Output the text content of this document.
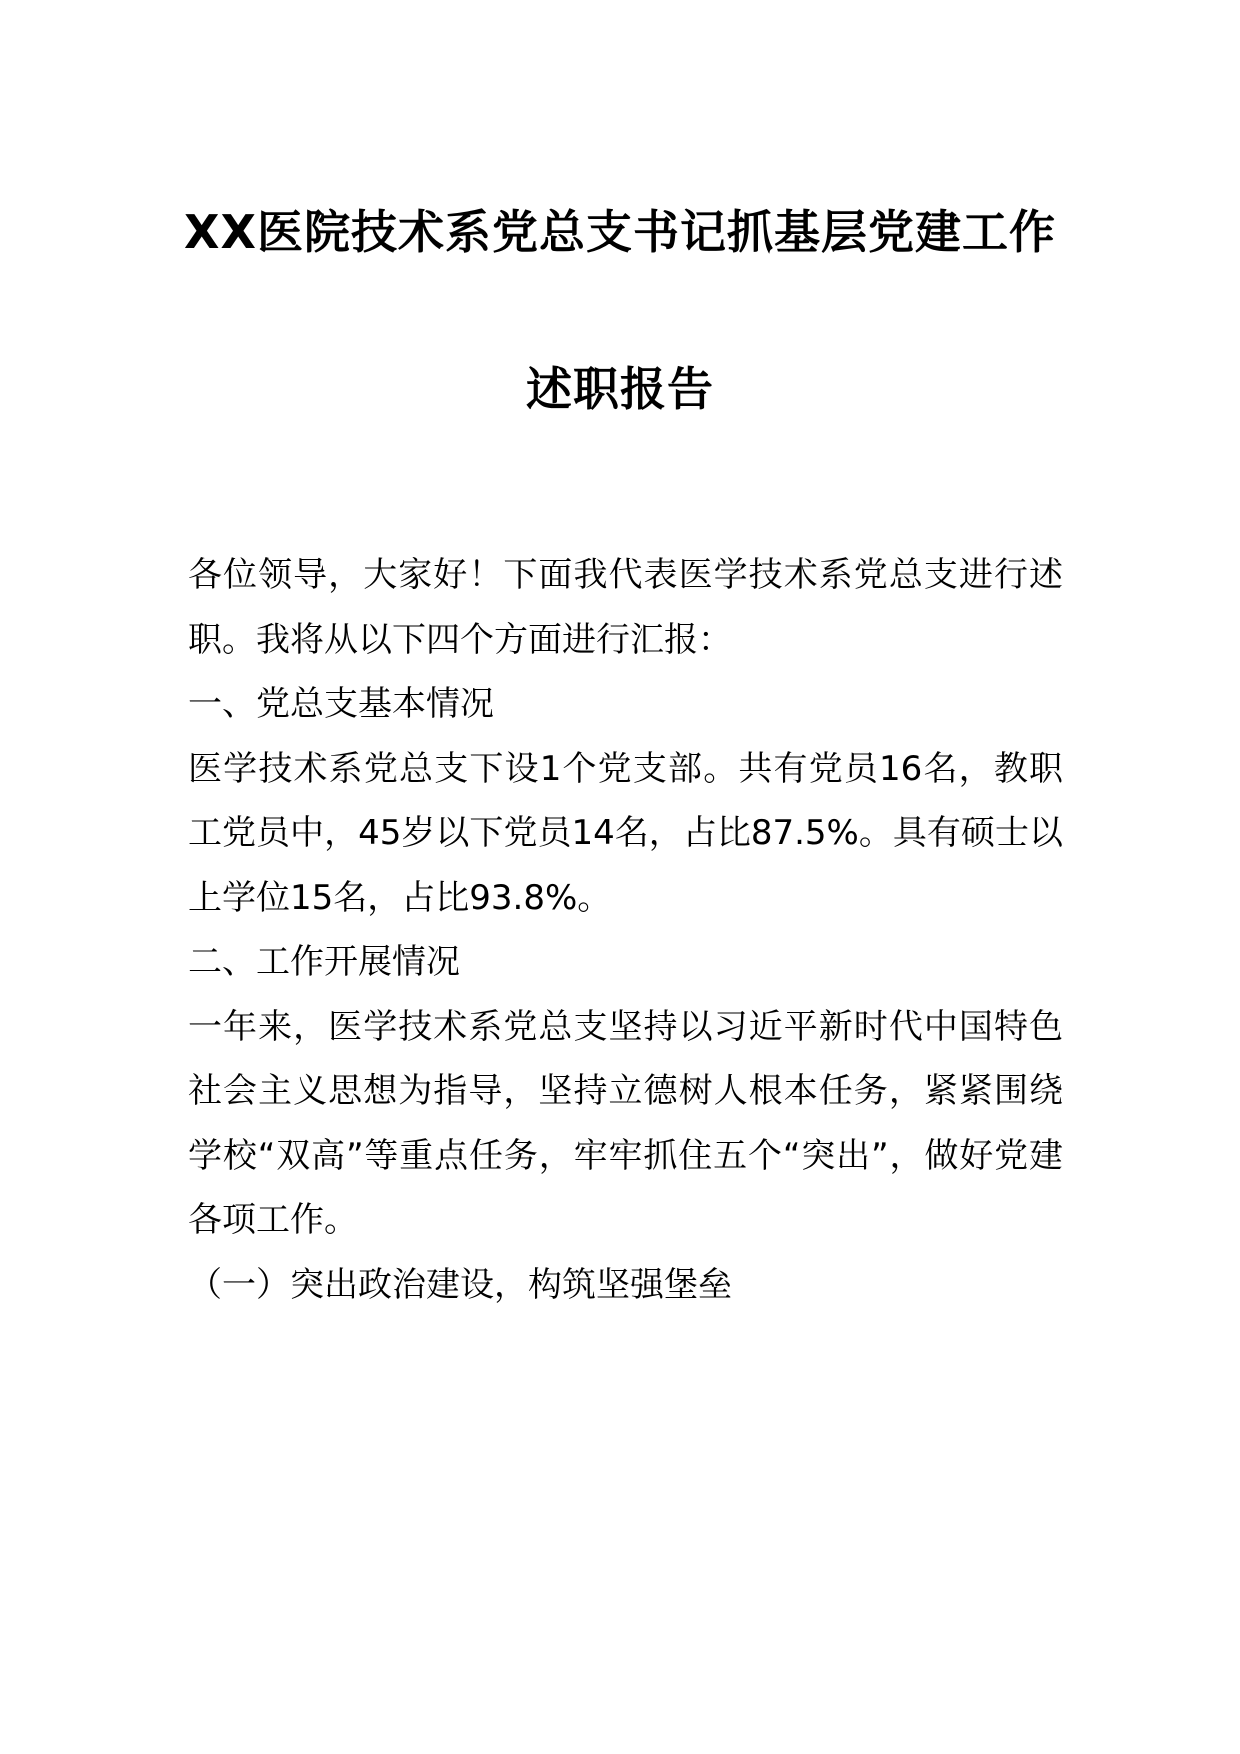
XX医院技术系党总支书记抓基层党建工作
述职报告

各位领导，大家好！下面我代表医学技术系党总支进行述职。我将从以下四个方面进行汇报：

一、党总支基本情况

医学技术系党总支下设1个党支部。共有党员16名，教职工党员中，45岁以下党员14名，占比87.5%。具有硕士以上学位15名，占比93.8%。

二、工作开展情况

一年来，医学技术系党总支坚持以习近平新时代中国特色社会主义思想为指导，坚持立德树人根本任务，紧紧围绕学校“双高”等重点任务，牢牢抓住五个“突出”，做好党建各项工作。

（一）突出政治建设，构筑坚强堡垒
